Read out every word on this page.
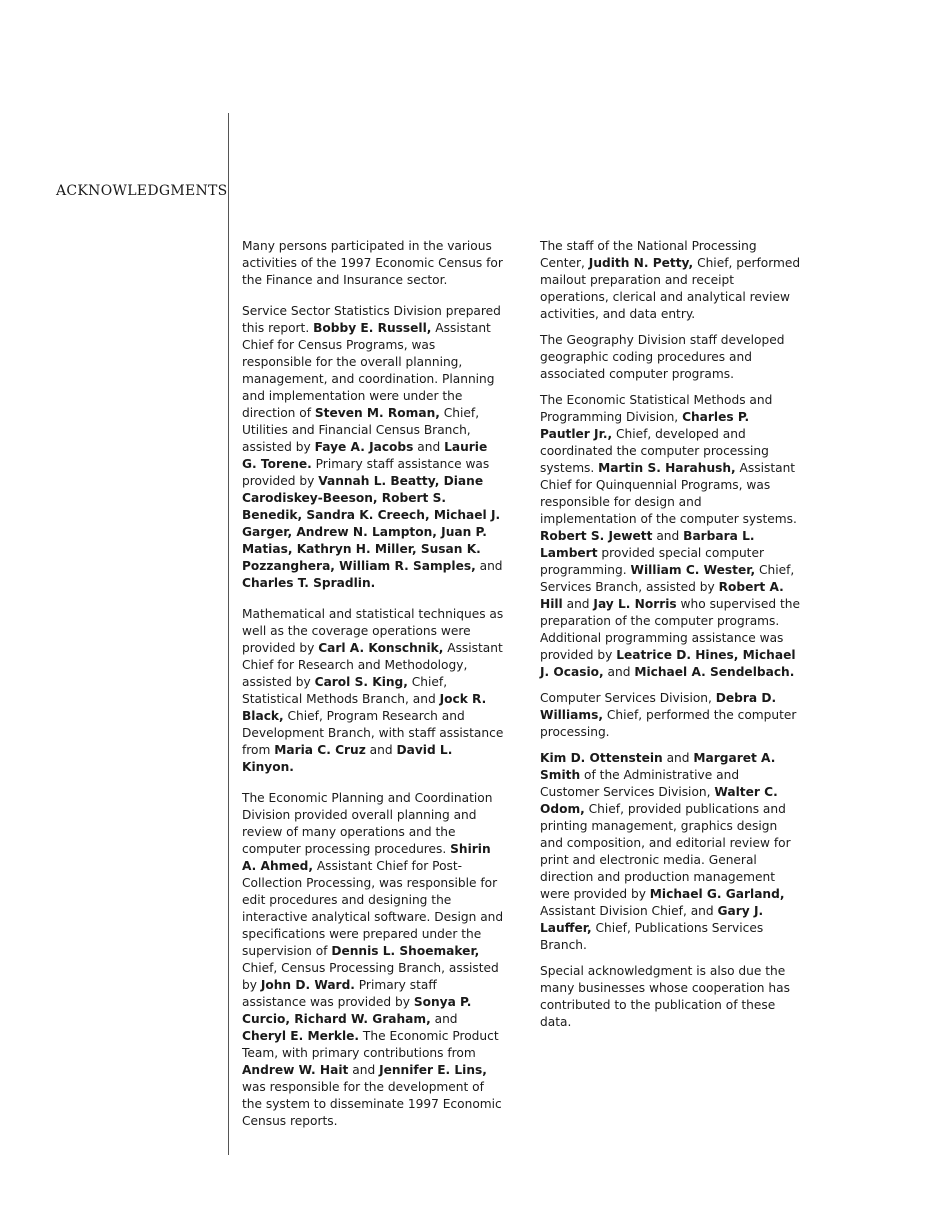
ACKNOWLEDGMENTS

Many persons participated in the various activities of the 1997 Economic Census for the Finance and Insurance sector.

Service Sector Statistics Division prepared this report. Bobby E. Russell, Assistant Chief for Census Programs, was responsible for the overall planning, management, and coordination. Planning and implementation were under the direction of Steven M. Roman, Chief, Utilities and Financial Census Branch, assisted by Faye A. Jacobs and Laurie G. Torene. Primary staff assistance was provided by Vannah L. Beatty, Diane Carodiskey-Beeson, Robert S. Benedik, Sandra K. Creech, Michael J. Garger, Andrew N. Lampton, Juan P. Matias, Kathryn H. Miller, Susan K. Pozzanghera, William R. Samples, and Charles T. Spradlin.

Mathematical and statistical techniques as well as the coverage operations were provided by Carl A. Konschnik, Assistant Chief for Research and Methodology, assisted by Carol S. King, Chief, Statistical Methods Branch, and Jock R. Black, Chief, Program Research and Development Branch, with staff assistance from Maria C. Cruz and David L. Kinyon.

The Economic Planning and Coordination Division provided overall planning and review of many operations and the computer processing procedures. Shirin A. Ahmed, Assistant Chief for Post-Collection Processing, was responsible for edit procedures and designing the interactive analytical software. Design and specifications were prepared under the supervision of Dennis L. Shoemaker, Chief, Census Processing Branch, assisted by John D. Ward. Primary staff assistance was provided by Sonya P. Curcio, Richard W. Graham, and Cheryl E. Merkle. The Economic Product Team, with primary contributions from Andrew W. Hait and Jennifer E. Lins, was responsible for the development of the system to disseminate 1997 Economic Census reports.

The staff of the National Processing Center, Judith N. Petty, Chief, performed mailout preparation and receipt operations, clerical and analytical review activities, and data entry.

The Geography Division staff developed geographic coding procedures and associated computer programs.

The Economic Statistical Methods and Programming Division, Charles P. Pautler Jr., Chief, developed and coordinated the computer processing systems. Martin S. Harahush, Assistant Chief for Quinquennial Programs, was responsible for design and implementation of the computer systems. Robert S. Jewett and Barbara L. Lambert provided special computer programming. William C. Wester, Chief, Services Branch, assisted by Robert A. Hill and Jay L. Norris who supervised the preparation of the computer programs. Additional programming assistance was provided by Leatrice D. Hines, Michael J. Ocasio, and Michael A. Sendelbach.

Computer Services Division, Debra D. Williams, Chief, performed the computer processing.

Kim D. Ottenstein and Margaret A. Smith of the Administrative and Customer Services Division, Walter C. Odom, Chief, provided publications and printing management, graphics design and composition, and editorial review for print and electronic media. General direction and production management were provided by Michael G. Garland, Assistant Division Chief, and Gary J. Lauffer, Chief, Publications Services Branch.

Special acknowledgment is also due the many businesses whose cooperation has contributed to the publication of these data.
